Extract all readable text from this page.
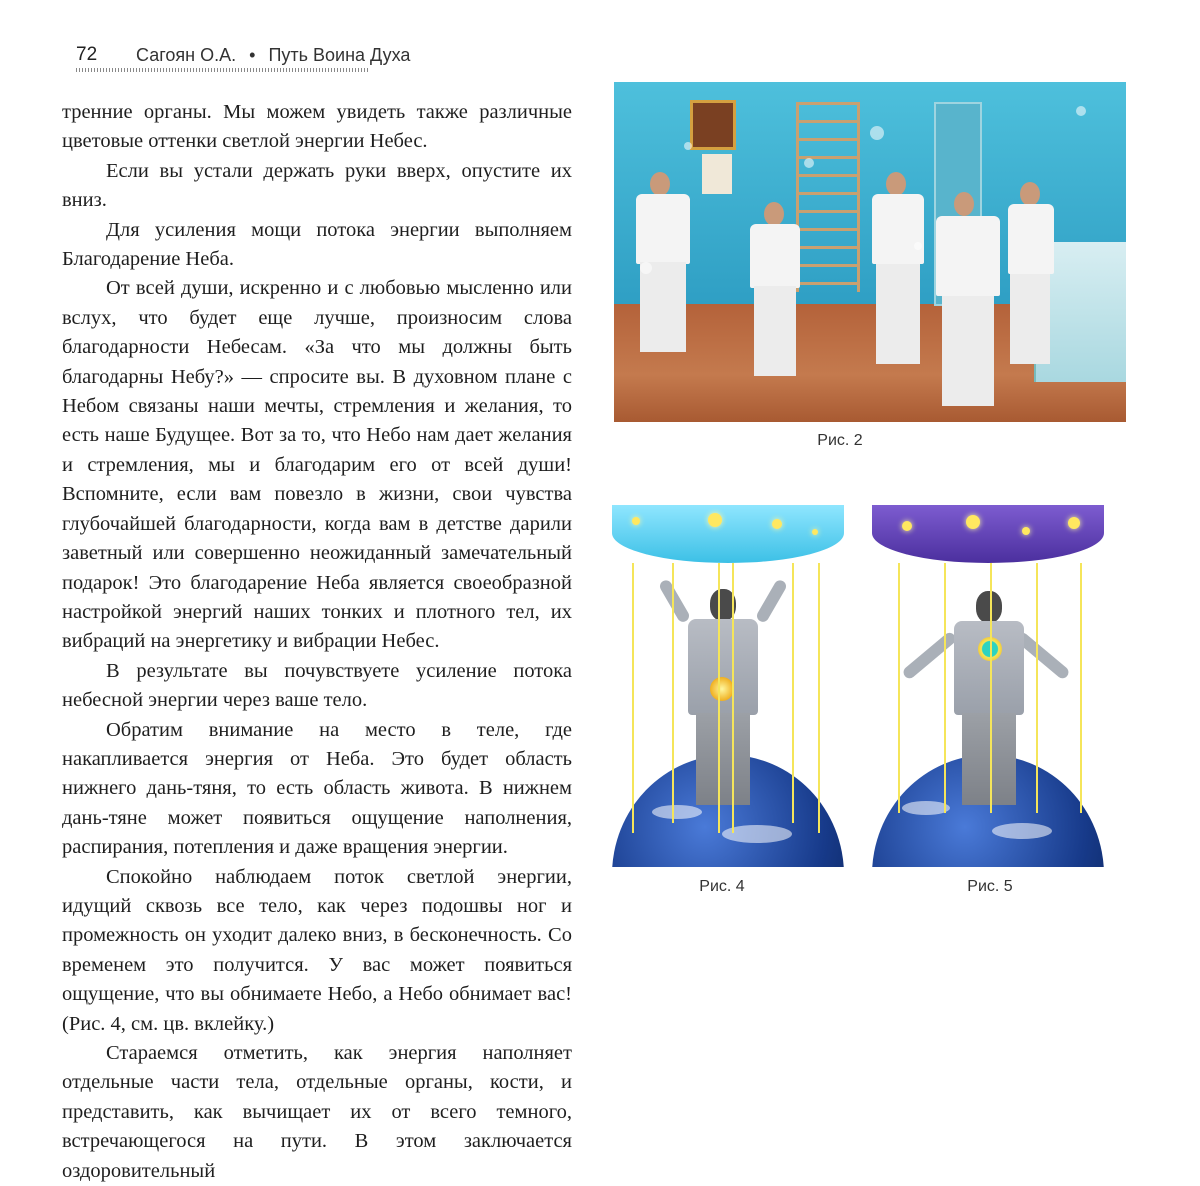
72 Сагоян О.А. • Путь Воина Духа

тренние органы. Мы можем увидеть также различные цветовые оттенки светлой энергии Небес.

Если вы устали держать руки вверх, опустите их вниз.

Для усиления мощи потока энергии выполняем Благодарение Неба.

От всей души, искренно и с любовью мысленно или вслух, что будет еще лучше, произносим слова благодарности Небесам. «За что мы должны быть благодарны Небу?» — спросите вы. В духовном плане с Небом связаны наши мечты, стремления и желания, то есть наше Будущее. Вот за то, что Небо нам дает желания и стремления, мы и благодарим его от всей души! Вспомните, если вам повезло в жизни, свои чувства глубочайшей благодарности, когда вам в детстве дарили заветный или совершенно неожиданный замечательный подарок! Это благодарение Неба является своеобразной настройкой энергий наших тонких и плотного тел, их вибраций на энергетику и вибрации Небес.

В результате вы почувствуете усиление потока небесной энергии через ваше тело.

Обратим внимание на место в теле, где накапливается энергия от Неба. Это будет область нижнего дань-тяня, то есть область живота. В нижнем дань-тяне может появиться ощущение наполнения, распирания, потепления и даже вращения энергии.

Спокойно наблюдаем поток светлой энергии, идущий сквозь все тело, как через подошвы ног и промежность он уходит далеко вниз, в бесконечность. Со временем это получится. У вас может появиться ощущение, что вы обнимаете Небо, а Небо обнимает вас! (Рис. 4, см. цв. вклейку.)

Стараемся отметить, как энергия наполняет отдельные части тела, отдельные органы, кости, и представить, как вычищает их от всего темного, встречающегося на пути. В этом заключается оздоровительный

Рис. 2
Рис. 4	Рис. 5
